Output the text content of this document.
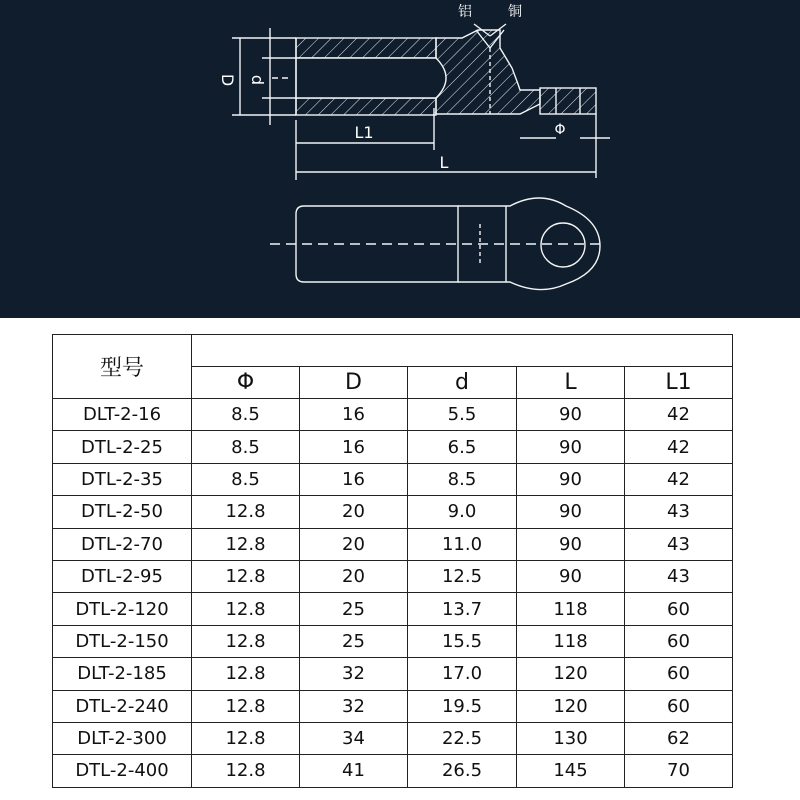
铝	铜
D d
L1
L
Φ
型号					
	Φ	D	d	L	L1
DLT-2-16	8.5	16	5.5	90	42
DTL-2-25	8.5	16	6.5	90	42
DTL-2-35	8.5	16	8.5	90	42
DTL-2-50	12.8	20	9.0	90	43
DTL-2-70	12.8	20	11.0	90	43
DTL-2-95	12.8	20	12.5	90	43
DTL-2-120	12.8	25	13.7	118	60
DTL-2-150	12.8	25	15.5	118	60
DLT-2-185	12.8	32	17.0	120	60
DTL-2-240	12.8	32	19.5	120	60
DLT-2-300	12.8	34	22.5	130	62
DTL-2-400	12.8	41	26.5	145	70
